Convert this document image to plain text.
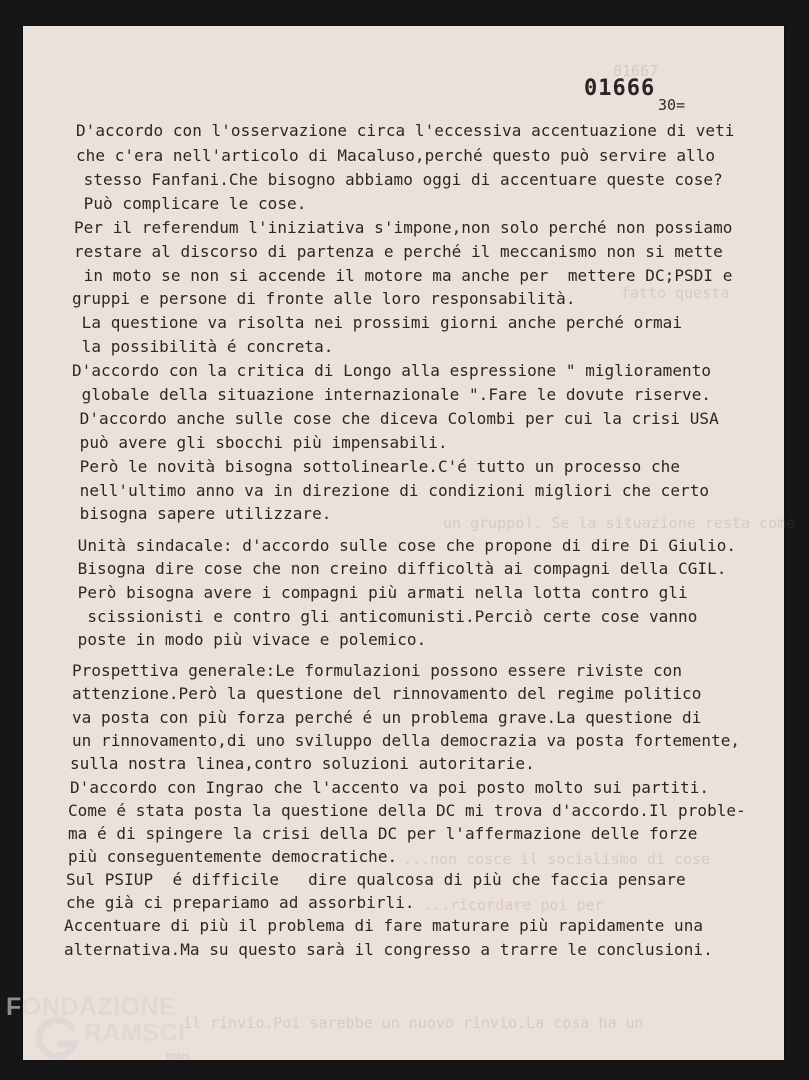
01667
fatto questa
un gruppo). Se la situazione resta come
...non cosce il socialismo di cose
...ricordare poi per
il rinvio.Poi sarebbe un nuovo rinvio.La cosa ha un
01666
30=
D'accordo con l'osservazione circa l'eccessiva accentuazione di veti
che c'era nell'articolo di Macaluso,perché questo può servire allo
stesso Fanfani.Che bisogno abbiamo oggi di accentuare queste cose?
Può complicare le cose.
Per il referendum l'iniziativa s'impone,non solo perché non possiamo
restare al discorso di partenza e perché il meccanismo non si mette
in moto se non si accende il motore ma anche per  mettere DC;PSDI e
gruppi e persone di fronte alle loro responsabilità.
La questione va risolta nei prossimi giorni anche perché ormai
la possibilità é concreta.
D'accordo con la critica di Longo alla espressione " miglioramento
globale della situazione internazionale ".Fare le dovute riserve.
D'accordo anche sulle cose che diceva Colombi per cui la crisi USA
può avere gli sbocchi più impensabili.
Però le novità bisogna sottolinearle.C'é tutto un processo che
nell'ultimo anno va in direzione di condizioni migliori che certo
bisogna sapere utilizzare.
Unità sindacale: d'accordo sulle cose che propone di dire Di Giulio.
Bisogna dire cose che non creino difficoltà ai compagni della CGIL.
Però bisogna avere i compagni più armati nella lotta contro gli
scissionisti e contro gli anticomunisti.Perciò certe cose vanno
poste in modo più vivace e polemico.
Prospettiva generale:Le formulazioni possono essere riviste con
attenzione.Però la questione del rinnovamento del regime politico
va posta con più forza perché é un problema grave.La questione di
un rinnovamento,di uno sviluppo della democrazia va posta fortemente,
sulla nostra linea,contro soluzioni autoritarie.
D'accordo con Ingrao che l'accento va poi posto molto sui partiti.
Come é stata posta la questione della DC mi trova d'accordo.Il proble-
ma é di spingere la crisi della DC per l'affermazione delle forze
più conseguentemente democratiche.
Sul PSIUP  é difficile   dire qualcosa di più che faccia pensare
che già ci prepariamo ad assorbirli.
Accentuare di più il problema di fare maturare più rapidamente una
alternativa.Ma su questo sarà il congresso a trarre le conclusioni.
FONDAZIONE
RAMSCI
onlus
